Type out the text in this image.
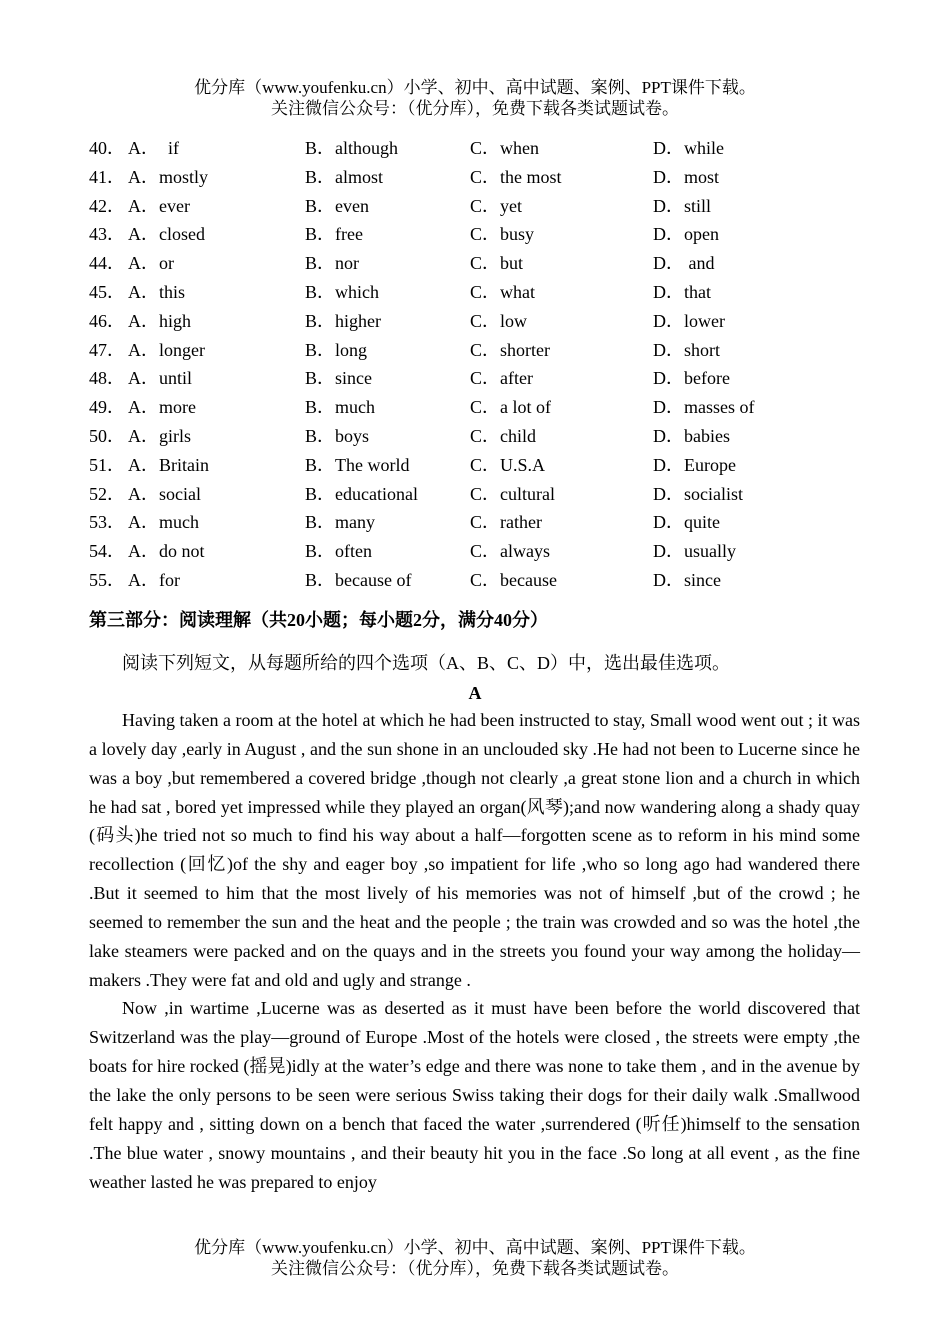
优分库（www.youfenku.cn）小学、初中、高中试题、案例、PPT课件下载。
关注微信公众号：（优分库），免费下载各类试题试卷。
40． A．  if	B．although	C．when	D．while
41． A．mostly	B．almost	C．the most	D．most
42． A．ever	B．even	C．yet	D．still
43． A．closed	B．free	C．busy	D．open
44． A．or	B．nor	C．but	D． and
45． A．this	B．which	C．what	D．that
46． A．high	B．higher	C．low	D．lower
47． A．longer	B．long	C．shorter	D．short
48． A．until	B．since	C．after	D．before
49． A．more	B．much	C．a lot of	D．masses of
50． A．girls	B．boys	C．child	D．babies
51． A．Britain	B．The world	C．U.S.A	D．Europe
52． A．social	B．educational	C．cultural	D．socialist
53． A．much	B．many	C．rather	D．quite
54． A．do not	B．often	C．always	D．usually
55． A．for	B．because of	C．because	D．since
第三部分：阅读理解（共20小题；每小题2分，满分40分）
阅读下列短文，从每题所给的四个选项（A、B、C、D）中，选出最佳选项。
A

Having taken a room at the hotel at which he had been instructed to stay, Small wood went out ; it was a lovely day ,early in August , and the sun shone in an unclouded sky .He had not been to Lucerne since he was a boy ,but remembered a covered bridge ,though not clearly ,a great stone lion and a church in which he had sat , bored yet impressed while they played an organ(风琴);and now wandering along a shady quay (码头)he tried not so much to find his way about a half—forgotten scene as to reform in his mind some recollection (回忆)of the shy and eager boy ,so impatient for life ,who so long ago had wandered there .But it seemed to him that the most lively of his memories was not of himself ,but of the crowd ; he seemed to remember the sun and the heat and the people ; the train was crowded and so was the hotel ,the lake steamers were packed and on the quays and in the streets you found your way among the holiday—makers .They were fat and old and ugly and strange .

Now ,in wartime ,Lucerne was as deserted as it must have been before the world discovered that Switzerland was the play—ground of Europe .Most of the hotels were closed , the streets were empty ,the boats for hire rocked (摇晃)idly at the water’s edge and there was none to take them , and in the avenue by the lake the only persons to be seen were serious Swiss taking their dogs for their daily walk .Smallwood felt happy and , sitting down on a bench that faced the water ,surrendered (听任)himself to the sensation .The blue water , snowy mountains , and their beauty hit you in the face .So long at all event , as the fine weather lasted he was prepared to enjoy

优分库（www.youfenku.cn）小学、初中、高中试题、案例、PPT课件下载。
关注微信公众号：（优分库），免费下载各类试题试卷。
